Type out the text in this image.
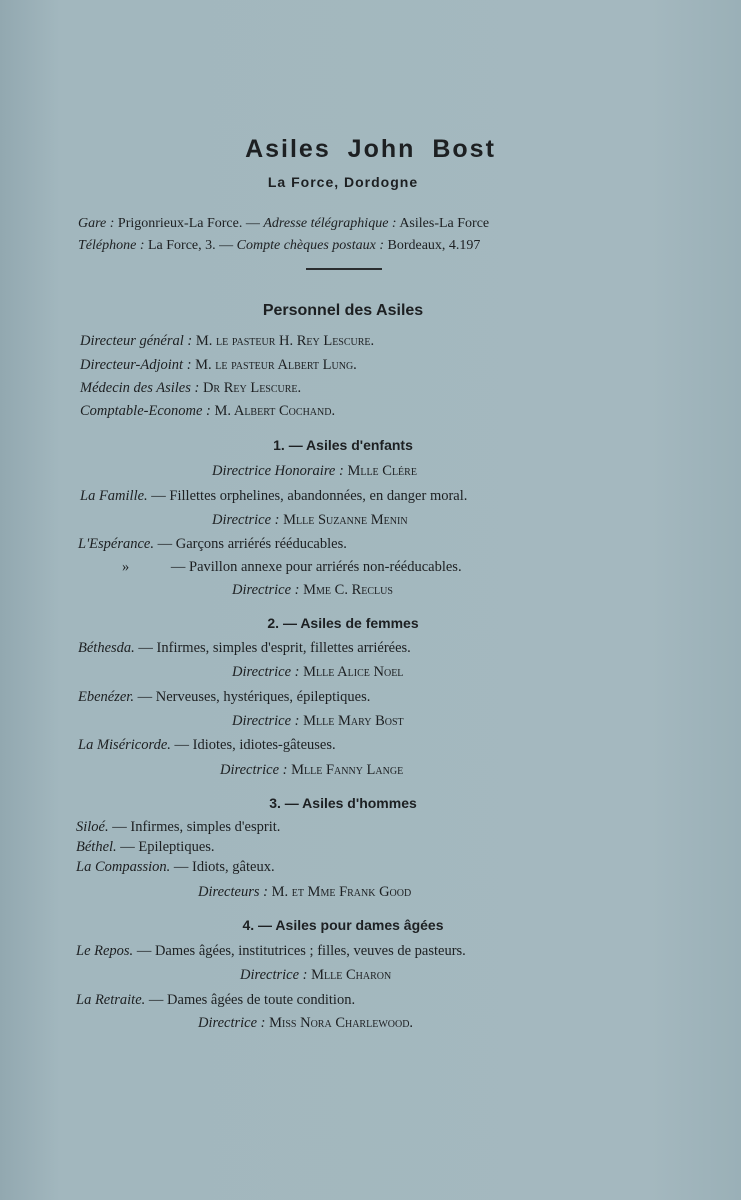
Asiles John Bost
La Force, Dordogne
Gare : Prigonrieux-La Force. — Adresse télégraphique : Asiles-La Force
Téléphone : La Force, 3. — Compte chèques postaux : Bordeaux, 4.197
Personnel des Asiles
Directeur général : M. le pasteur H. Rey Lescure.
Directeur-Adjoint : M. le pasteur Albert Lung.
Médecin des Asiles : Dr Rey Lescure.
Comptable-Econome : M. Albert Cochand.
1. — Asiles d'enfants
Directrice Honoraire : Mlle Clére
La Famille. — Fillettes orphelines, abandonnées, en danger moral.
Directrice : Mlle Suzanne Menin
L'Espérance. — Garçons arriérés rééducables.
»	— Pavillon annexe pour arriérés non-rééducables.
Directrice : Mme C. Reclus
2. — Asiles de femmes
Béthesda. — Infirmes, simples d'esprit, fillettes arriérées.
Directrice : Mlle Alice Noel
Ebenézer. — Nerveuses, hystériques, épileptiques.
Directrice : Mlle Mary Bost
La Miséricorde. — Idiotes, idiotes-gâteuses.
Directrice : Mlle Fanny Lange
3. — Asiles d'hommes
Siloé. — Infirmes, simples d'esprit.
Béthel. — Epileptiques.
La Compassion. — Idiots, gâteux.
Directeurs : M. et Mme Frank Good
4. — Asiles pour dames âgées
Le Repos. — Dames âgées, institutrices ; filles, veuves de pasteurs.
Directrice : Mlle Charon
La Retraite. — Dames âgées de toute condition.
Directrice : Miss Nora Charlewood.
